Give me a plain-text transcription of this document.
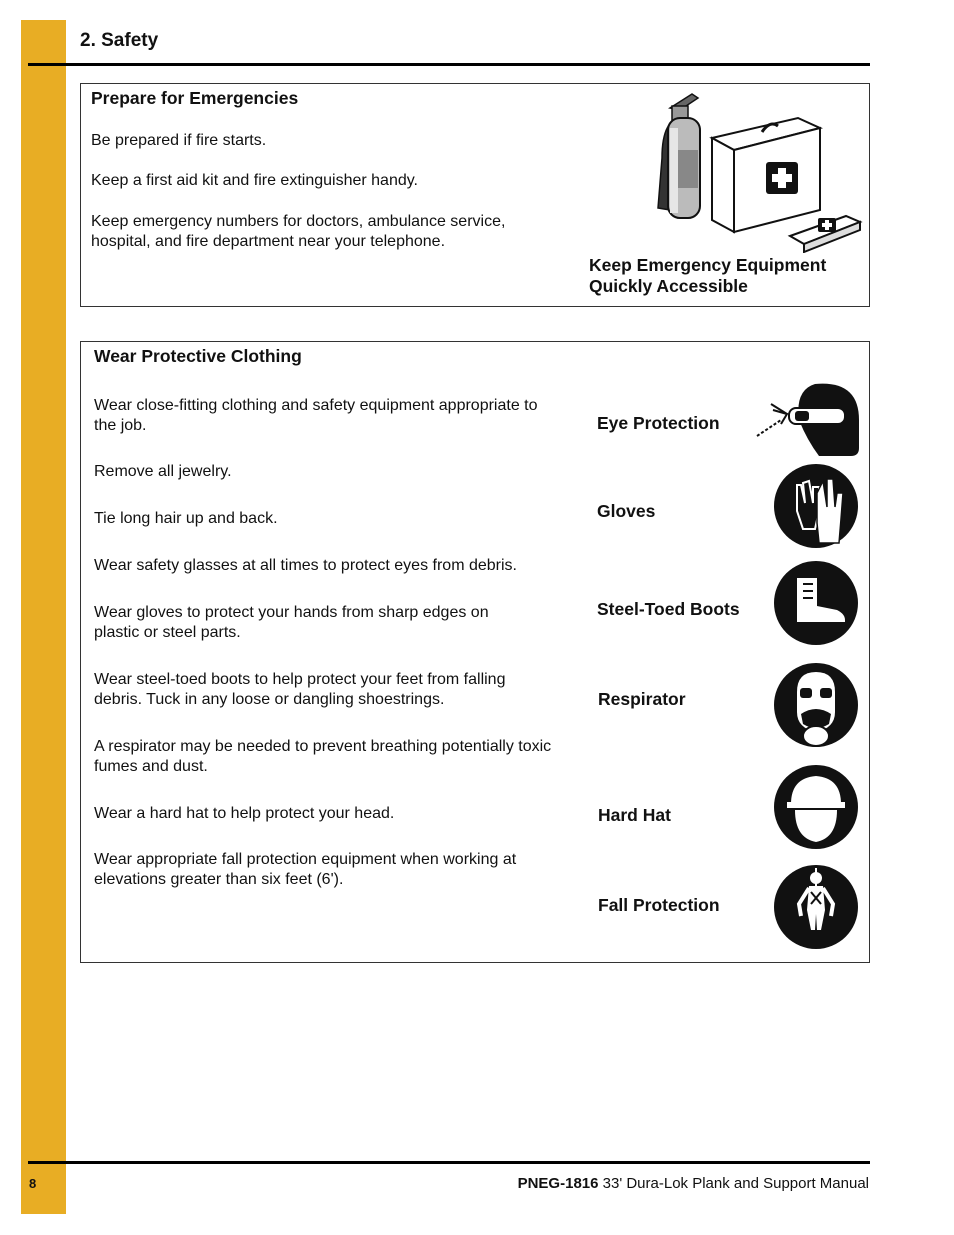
2. Safety
Prepare for Emergencies
Be prepared if fire starts.
Keep a first aid kit and fire extinguisher handy.
Keep emergency numbers for doctors, ambulance service, hospital, and fire department near your telephone.
Keep Emergency Equipment
Quickly Accessible
Wear Protective Clothing
Wear close-fitting clothing and safety equipment appropriate to the job.
Remove all jewelry.
Tie long hair up and back.
Wear safety glasses at all times to protect eyes from debris.
Wear gloves to protect your hands from sharp edges on plastic or steel parts.
Wear steel-toed boots to help protect your feet from falling debris. Tuck in any loose or dangling shoestrings.
A respirator may be needed to prevent breathing potentially toxic fumes and dust.
Wear a hard hat to help protect your head.
Wear appropriate fall protection equipment when working at elevations greater than six feet (6').
Eye Protection
Gloves
Steel-Toed Boots
Respirator
Hard Hat
Fall Protection
8	PNEG-1816 33' Dura-Lok Plank and Support Manual
